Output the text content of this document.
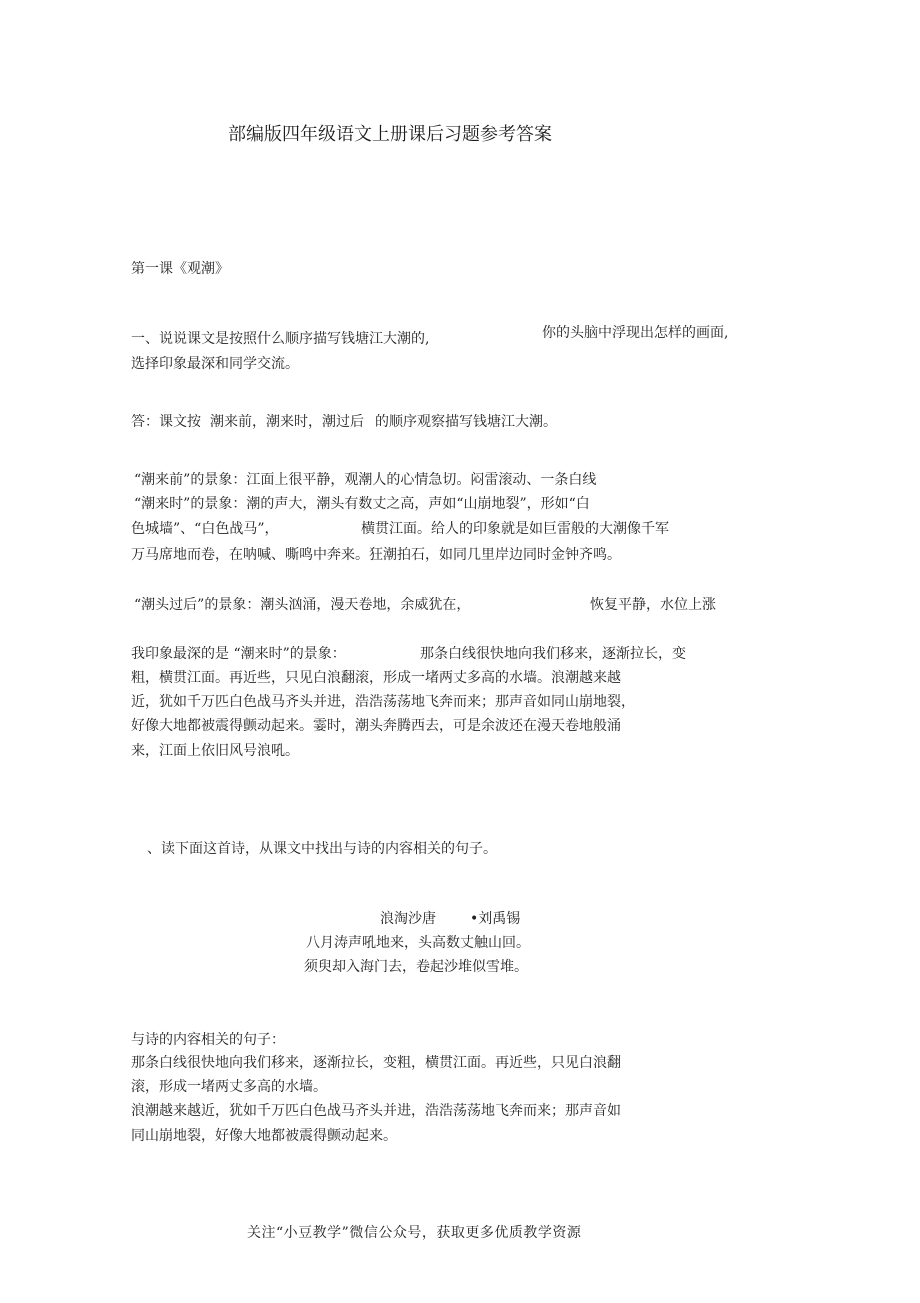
部编版四年级语文上册课后习题参考答案
第一课《观潮》
一、说说课文是按照什么顺序描写钱塘江大潮的,	你的头脑中浮现出怎样的画面,
选择印象最深和同学交流。
答：课文按 潮来前，潮来时，潮过后 的顺序观察描写钱塘江大潮。
“潮来前”的景象：江面上很平静，观潮人的心情急切。闷雷滚动、一条白线
“潮来时”的景象：潮的声大，潮头有数丈之高，声如“山崩地裂”，形如“白
色城墙”、“白色战马”，	横贯江面。给人的印象就是如巨雷般的大潮像千军
万马席地而卷，在呐喊、嘶鸣中奔来。狂潮拍石，如同几里岸边同时金钟齐鸣。
“潮头过后”的景象：潮头汹涌，漫天卷地，余威犹在，	恢复平静，水位上涨
我印象最深的是 “潮来时”的景象：	那条白线很快地向我们移来，逐渐拉长，变
粗，横贯江面。再近些，只见白浪翻滚，形成一堵两丈多高的水墙。浪潮越来越
近，犹如千万匹白色战马齐头并进，浩浩荡荡地飞奔而来；那声音如同山崩地裂，
好像大地都被震得颤动起来。霎时，潮头奔腾西去，可是余波还在漫天卷地般涌
来，江面上依旧风号浪吼。
、读下面这首诗，从课文中找出与诗的内容相关的句子。
浪淘沙唐 •刘禹锡
八月涛声吼地来，头高数丈触山回。
须臾却入海门去，卷起沙堆似雪堆。
与诗的内容相关的句子：
那条白线很快地向我们移来，逐渐拉长，变粗，横贯江面。再近些，只见白浪翻
滚，形成一堵两丈多高的水墙。
浪潮越来越近，犹如千万匹白色战马齐头并进，浩浩荡荡地飞奔而来；那声音如
同山崩地裂，好像大地都被震得颤动起来。
关注“小豆教学”微信公众号，获取更多优质教学资源
